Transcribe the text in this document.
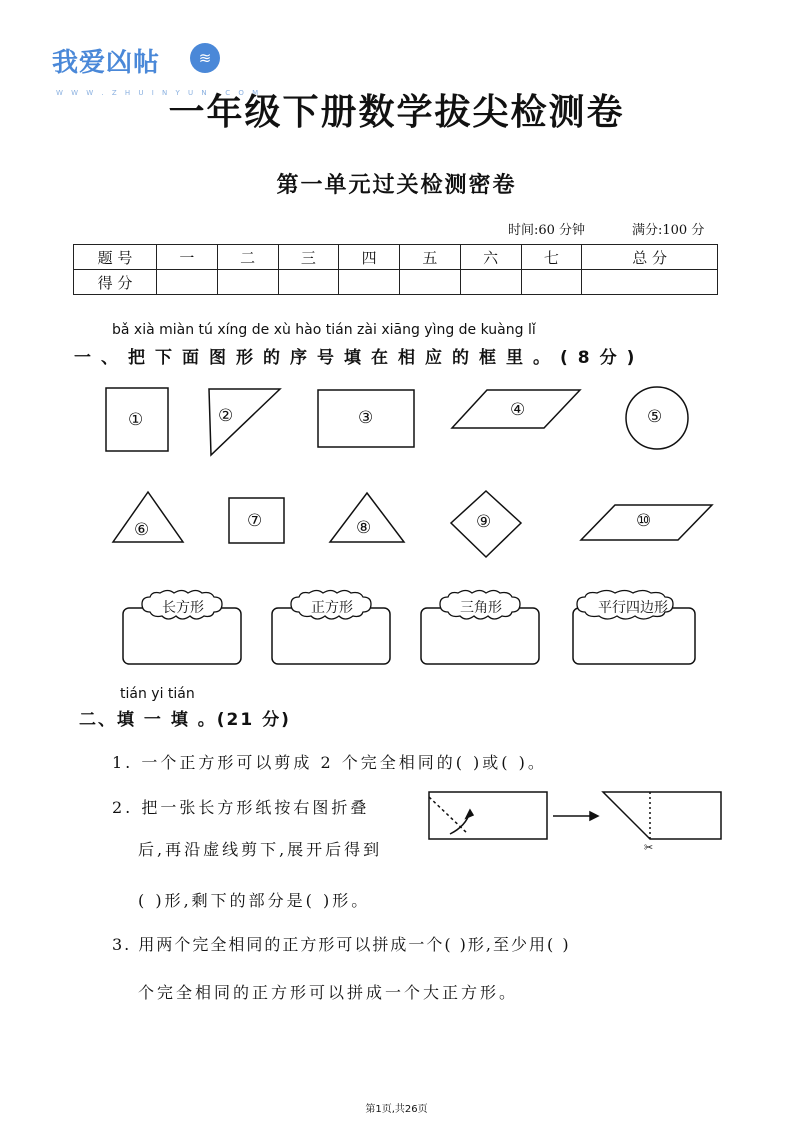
我爱凶帖	≋
W W W . Z H U I N Y U N . C O M
一年级下册数学拔尖检测卷
第一单元过关检测密卷
时间:60 分钟	满分:100 分
题 号	一	二	三	四	五	六	七	总 分
得 分								
bǎ xià miàn tú xíng de xù hào tián zài xiāng yìng de kuàng lǐ
一、把下面图形的序号填在相应的框里。(8分)
✂
①	②	③	④	⑤
⑥	⑦	⑧	⑨	⑩
长方形	正方形	三角形	平行四边形
tián yi tián
二、填 一 填 。(21 分)
1. 一个正方形可以剪成 2 个完全相同的( )或( )。
2. 把一张长方形纸按右图折叠
后,再沿虚线剪下,展开后得到
( )形,剩下的部分是( )形。
3. 用两个完全相同的正方形可以拼成一个( )形,至少用( )
个完全相同的正方形可以拼成一个大正方形。
第1页,共26页
